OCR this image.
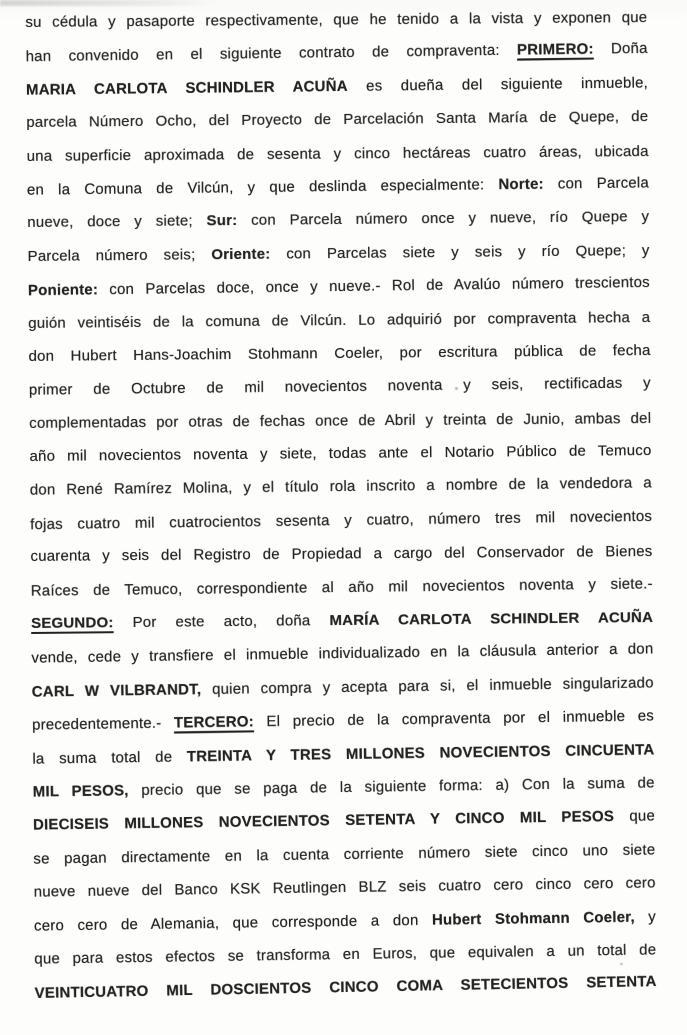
su cédula y pasaporte respectivamente, que he tenido a la vista y exponen que
han convenido en el siguiente contrato de compraventa: PRIMERO: Doña
MARIA CARLOTA SCHINDLER ACUÑA es dueña del siguiente inmueble,
parcela Número Ocho, del Proyecto de Parcelación Santa María de Quepe, de
una superficie aproximada de sesenta y cinco hectáreas cuatro áreas, ubicada
en la Comuna de Vilcún, y que deslinda especialmente: Norte: con Parcela
nueve, doce y siete; Sur: con Parcela número once y nueve, río Quepe y
Parcela número seis; Oriente: con Parcelas siete y seis y río Quepe; y
Poniente: con Parcelas doce, once y nueve.- Rol de Avalúo número trescientos
guión veintiséis de la comuna de Vilcún. Lo adquirió por compraventa hecha a
don Hubert Hans-Joachim Stohmann Coeler, por escritura pública de fecha
primer de Octubre de mil novecientos noventa y seis, rectificadas y
complementadas por otras de fechas once de Abril y treinta de Junio, ambas del
año mil novecientos noventa y siete, todas ante el Notario Público de Temuco
don René Ramírez Molina, y el título rola inscrito a nombre de la vendedora a
fojas cuatro mil cuatrocientos sesenta y cuatro, número tres mil novecientos
cuarenta y seis del Registro de Propiedad a cargo del Conservador de Bienes
Raíces de Temuco, correspondiente al año mil novecientos noventa y siete.-
SEGUNDO: Por este acto, doña MARÍA CARLOTA SCHINDLER ACUÑA
vende, cede y transfiere el inmueble individualizado en la cláusula anterior a don
CARL W VILBRANDT, quien compra y acepta para si, el inmueble singularizado
precedentemente.- TERCERO: El precio de la compraventa por el inmueble es
la suma total de TREINTA Y TRES MILLONES NOVECIENTOS CINCUENTA
MIL PESOS, precio que se paga de la siguiente forma: a) Con la suma de
DIECISEIS MILLONES NOVECIENTOS SETENTA Y CINCO MIL PESOS que
se pagan directamente en la cuenta corriente número siete cinco uno siete
nueve nueve del Banco KSK Reutlingen BLZ seis cuatro cero cinco cero cero
cero cero de Alemania, que corresponde a don Hubert Stohmann Coeler, y
que para estos efectos se transforma en Euros, que equivalen a un total de
VEINTICUATRO MIL DOSCIENTOS CINCO COMA SETECIENTOS SETENTA
